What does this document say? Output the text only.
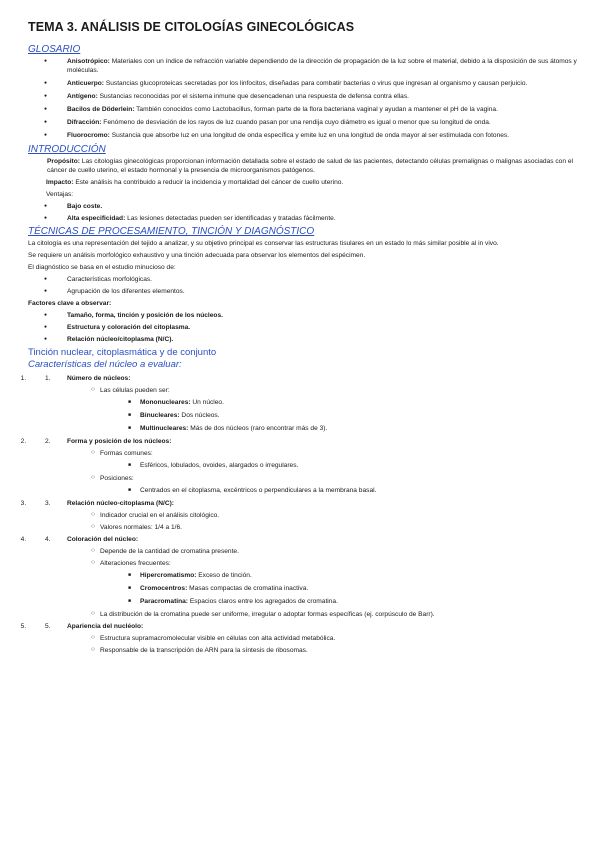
TEMA 3. ANÁLISIS DE CITOLOGÍAS GINECOLÓGICAS
GLOSARIO
● Anisotrópico: Materiales con un índice de refracción variable dependiendo de la dirección de propagación de la luz sobre el material, debido a la disposición de sus átomos y moléculas.
● Anticuerpo: Sustancias glucoproteicas secretadas por los linfocitos, diseñadas para combatir bacterias o virus que ingresan al organismo y causan perjuicio.
● Antígeno: Sustancias reconocidas por el sistema inmune que desencadenan una respuesta de defensa contra ellas.
● Bacilos de Döderlein: También conocidos como Lactobacillus, forman parte de la flora bacteriana vaginal y ayudan a mantener el pH de la vagina.
● Difracción: Fenómeno de desviación de los rayos de luz cuando pasan por una rendija cuyo diámetro es igual o menor que su longitud de onda.
● Fluorocromo: Sustancia que absorbe luz en una longitud de onda específica y emite luz en una longitud de onda mayor al ser estimulada con fotones.
INTRODUCCIÓN

Propósito: Las citologías ginecológicas proporcionan información detallada sobre el estado de salud de las pacientes, detectando células premalignas o malignas asociadas con el cáncer de cuello uterino, el estado hormonal y la presencia de microorganismos patógenos.

Impacto: Este análisis ha contribuido a reducir la incidencia y mortalidad del cáncer de cuello uterino.

Ventajas:

● Bajo coste.
● Alta especificidad: Las lesiones detectadas pueden ser identificadas y tratadas fácilmente.
TÉCNICAS DE PROCESAMIENTO, TINCIÓN Y DIAGNÓSTICO

La citología es una representación del tejido a analizar, y su objetivo principal es conservar las estructuras tisulares en un estado lo más similar posible al in vivo.

Se requiere un análisis morfológico exhaustivo y una tinción adecuada para observar los elementos del espécimen.

El diagnóstico se basa en el estudio minucioso de:

● Características morfológicas.
● Agrupación de los diferentes elementos.

Factores clave a observar:

● Tamaño, forma, tinción y posición de los núcleos.
● Estructura y coloración del citoplasma.
● Relación núcleo/citoplasma (N/C).
Tinción nuclear, citoplasmática y de conjunto
Características del núcleo a evaluar:
1. 1.	Número de núcleos:
○ Las células pueden ser:
■ Mononucleares: Un núcleo.
■ Binucleares: Dos núcleos.
■ Multinucleares: Más de dos núcleos (raro encontrar más de 3).
2. 2.	Forma y posición de los núcleos:
○ Formas comunes:
■ Esféricos, lobulados, ovoides, alargados o irregulares.
○ Posiciones:
■ Centrados en el citoplasma, excéntricos o perpendiculares a la membrana basal.
3. 3.	Relación núcleo-citoplasma (N/C):
○ Indicador crucial en el análisis citológico.
○ Valores normales: 1/4 a 1/6.
4. 4.	Coloración del núcleo:
○ Depende de la cantidad de cromatina presente.
○ Alteraciones frecuentes:
■ Hipercromatismo: Exceso de tinción.
■ Cromocentros: Masas compactas de cromatina inactiva.
■ Paracromatina: Espacios claros entre los agregados de cromatina.
○ La distribución de la cromatina puede ser uniforme, irregular o adoptar formas específicas (ej. corpúsculo de Barr).
5. 5.	Apariencia del nucléolo:
○ Estructura supramacromolecular visible en células con alta actividad metabólica.
○ Responsable de la transcripción de ARN para la síntesis de ribosomas.
